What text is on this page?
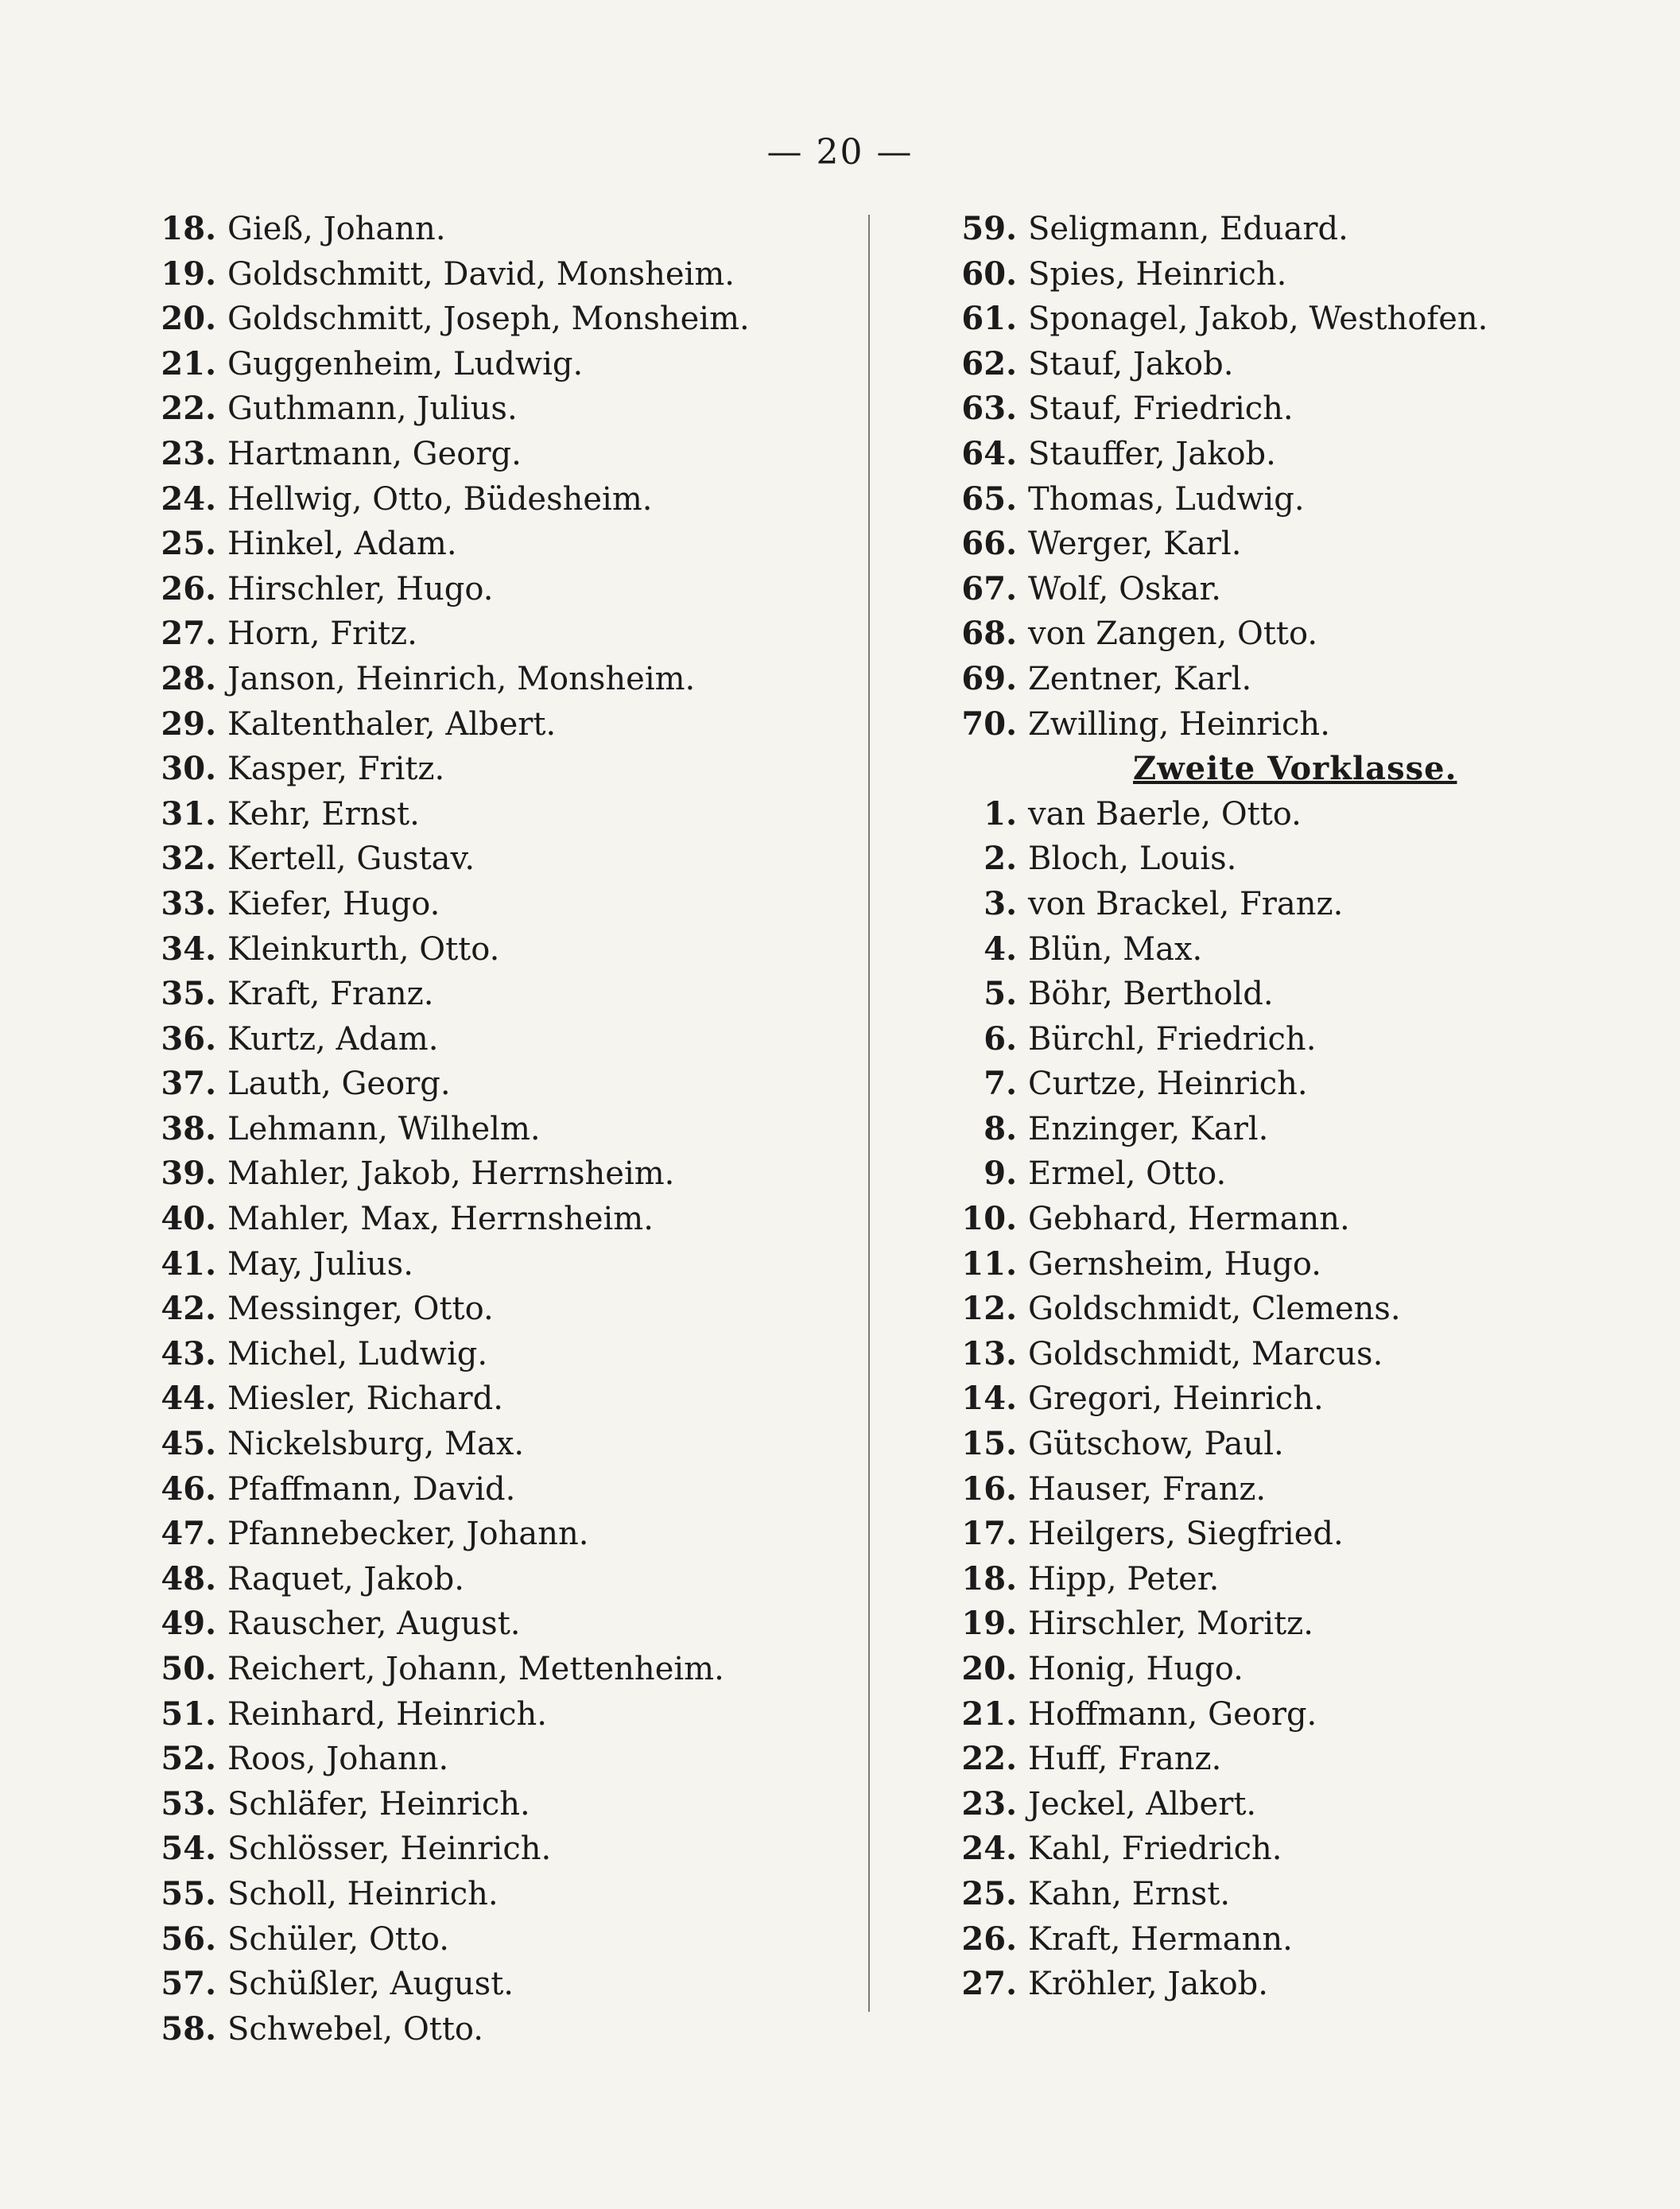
— 20 —
18. Gieß, Johann.
19. Goldschmitt, David, Monsheim.
20. Goldschmitt, Joseph, Monsheim.
21. Guggenheim, Ludwig.
22. Guthmann, Julius.
23. Hartmann, Georg.
24. Hellwig, Otto, Büdesheim.
25. Hinkel, Adam.
26. Hirschler, Hugo.
27. Horn, Fritz.
28. Janson, Heinrich, Monsheim.
29. Kaltenthaler, Albert.
30. Kasper, Fritz.
31. Kehr, Ernst.
32. Kertell, Gustav.
33. Kiefer, Hugo.
34. Kleinkurth, Otto.
35. Kraft, Franz.
36. Kurtz, Adam.
37. Lauth, Georg.
38. Lehmann, Wilhelm.
39. Mahler, Jakob, Herrnsheim.
40. Mahler, Max, Herrnsheim.
41. May, Julius.
42. Messinger, Otto.
43. Michel, Ludwig.
44. Miesler, Richard.
45. Nickelsburg, Max.
46. Pfaffmann, David.
47. Pfannebecker, Johann.
48. Raquet, Jakob.
49. Rauscher, August.
50. Reichert, Johann, Mettenheim.
51. Reinhard, Heinrich.
52. Roos, Johann.
53. Schläfer, Heinrich.
54. Schlösser, Heinrich.
55. Scholl, Heinrich.
56. Schüler, Otto.
57. Schüßler, August.
58. Schwebel, Otto.
59. Seligmann, Eduard.
60. Spies, Heinrich.
61. Sponagel, Jakob, Westhofen.
62. Stauf, Jakob.
63. Stauf, Friedrich.
64. Stauffer, Jakob.
65. Thomas, Ludwig.
66. Werger, Karl.
67. Wolf, Oskar.
68. von Zangen, Otto.
69. Zentner, Karl.
70. Zwilling, Heinrich.
Zweite Vorklasse.
1. van Baerle, Otto.
2. Bloch, Louis.
3. von Brackel, Franz.
4. Blün, Max.
5. Böhr, Berthold.
6. Bürchl, Friedrich.
7. Curtze, Heinrich.
8. Enzinger, Karl.
9. Ermel, Otto.
10. Gebhard, Hermann.
11. Gernsheim, Hugo.
12. Goldschmidt, Clemens.
13. Goldschmidt, Marcus.
14. Gregori, Heinrich.
15. Gütschow, Paul.
16. Hauser, Franz.
17. Heilgers, Siegfried.
18. Hipp, Peter.
19. Hirschler, Moritz.
20. Honig, Hugo.
21. Hoffmann, Georg.
22. Huff, Franz.
23. Jeckel, Albert.
24. Kahl, Friedrich.
25. Kahn, Ernst.
26. Kraft, Hermann.
27. Kröhler, Jakob.
